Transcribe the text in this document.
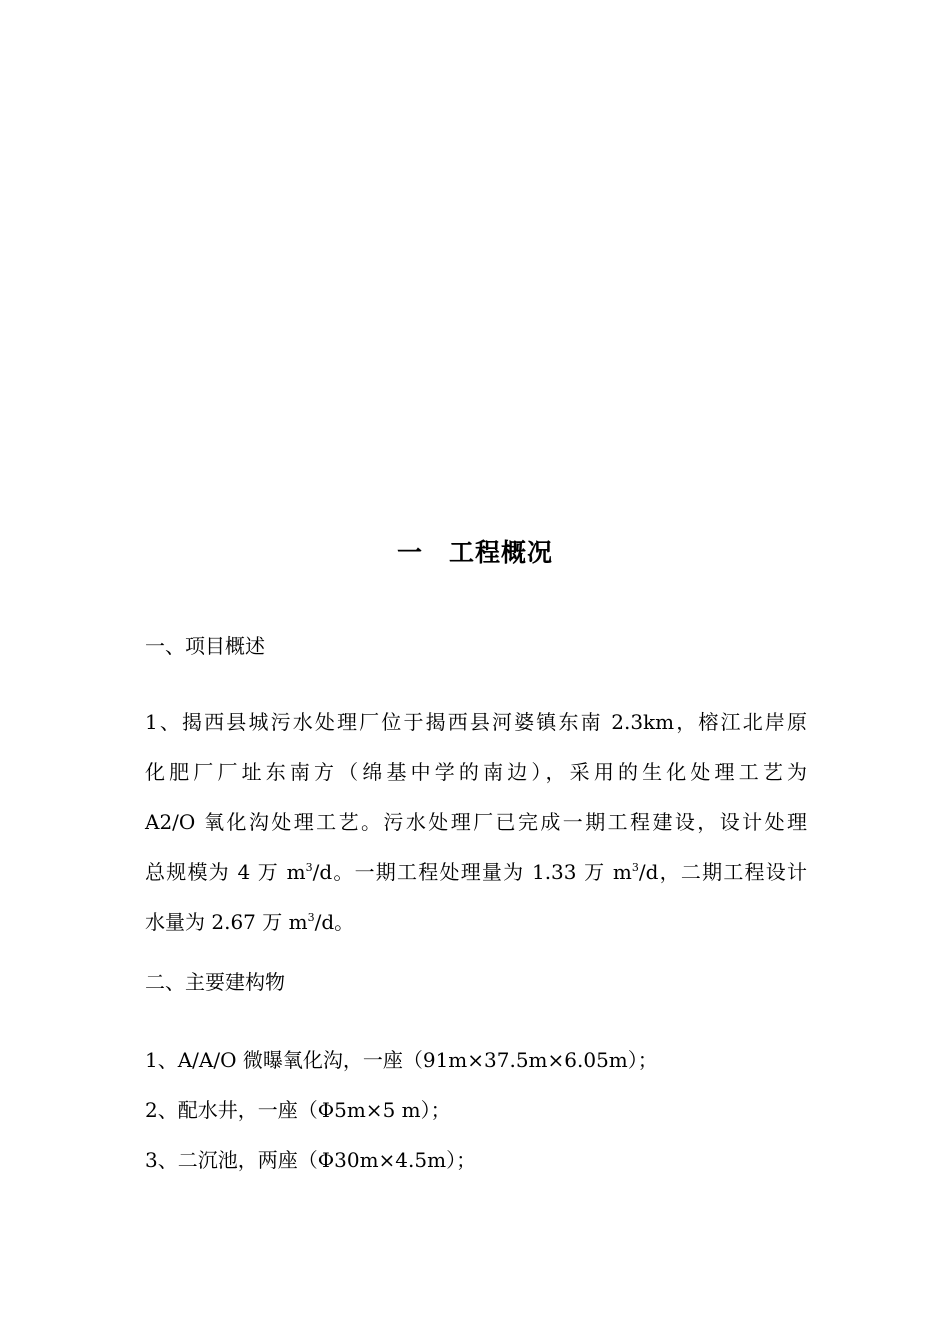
一　工程概况
一、项目概述
1、揭西县城污水处理厂位于揭西县河婆镇东南 2.3km，榕江北岸原
化肥厂厂址东南方（绵基中学的南边），采用的生化处理工艺为
A2/O 氧化沟处理工艺。污水处理厂已完成一期工程建设，设计处理
总规模为 4 万 $m^3/d$。一期工程处理量为 1.33 万 $m^3/d$，二期工程设计
水量为 2.67 万 $m^3/d$。
二、主要建构物
1、A/A/O 微曝氧化沟，一座（91m×37.5m×6.05m）；
2、配水井，一座（Φ5m×5 m）；
3、二沉池，两座（Φ30m×4.5m）；
